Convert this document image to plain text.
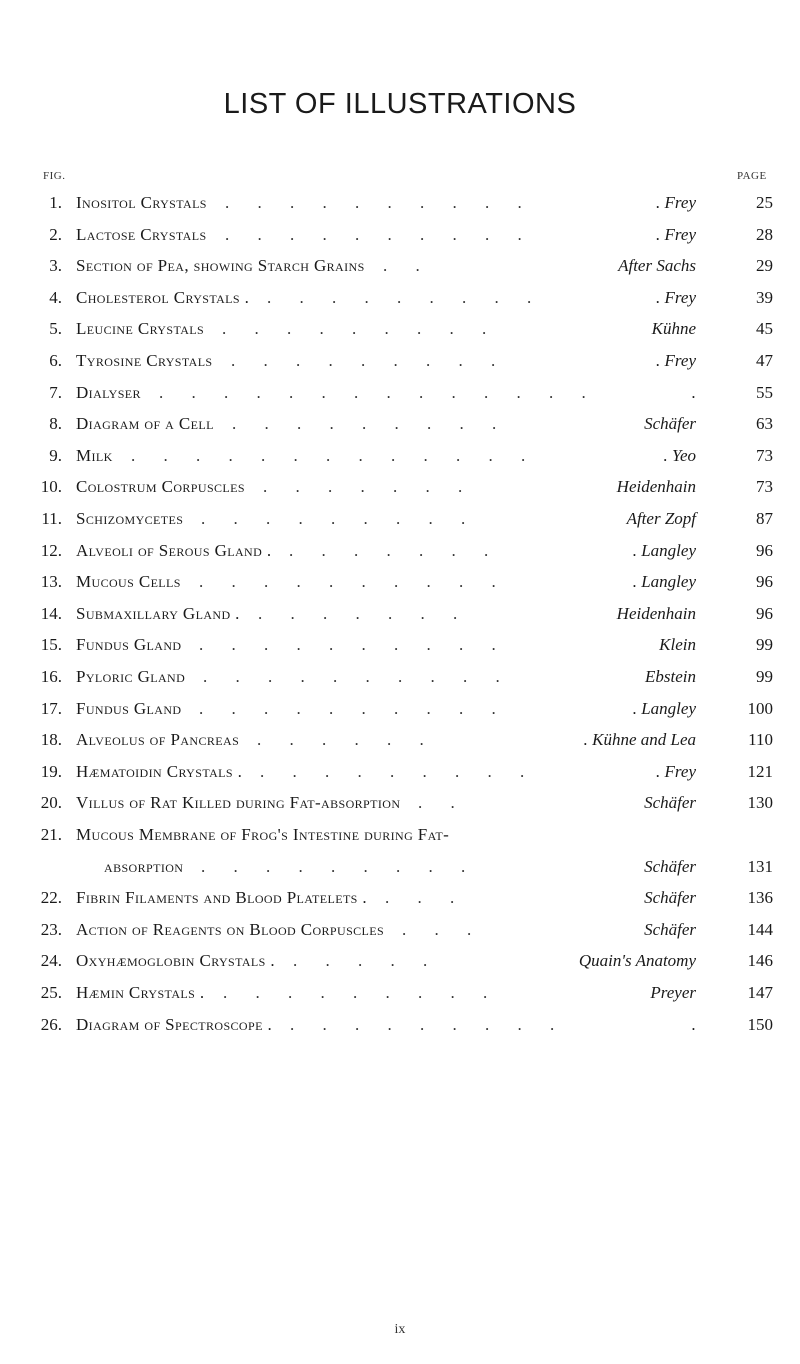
LIST OF ILLUSTRATIONS
FIG.	PAGE
1. Inositol Crystals	. Frey	25
. . . . . . . . . .
2. Lactose Crystals	. Frey	28
. . . . . . . . . .
3. Section of Pea, showing Starch Grains	After Sachs	29
. .
4. Cholesterol Crystals .	. Frey	39
. . . . . . . . .
5. Leucine Crystals	Kühne	45
. . . . . . . . .
6. Tyrosine Crystals	. Frey	47
. . . . . . . . .
7. Dialyser	.	55
. . . . . . . . . . . . . .
8. Diagram of a Cell	Schäfer	63
. . . . . . . . .
9. Milk	. Yeo	73
. . . . . . . . . . . . .
10. Colostrum Corpuscles	Heidenhain	73
. . . . . . .
11. Schizomycetes	After Zopf	87
. . . . . . . . .
12. Alveoli of Serous Gland .	. Langley	96
. . . . . . .
13. Mucous Cells	. Langley	96
. . . . . . . . . .
14. Submaxillary Gland .	Heidenhain	96
. . . . . . .
15. Fundus Gland	Klein	99
. . . . . . . . . .
16. Pyloric Gland	Ebstein	99
. . . . . . . . . .
17. Fundus Gland	. Langley	100
. . . . . . . . . .
18. Alveolus of Pancreas	. Kühne and Lea	110
. . . . . .
19. Hæmatoidin Crystals .	. Frey	121
. . . . . . . . .
20. Villus of Rat Killed during Fat-absorption	Schäfer	130
. .
21. Mucous Membrane of Frog's Intestine during Fat-
absorption	Schäfer	131
. . . . . . . . .
22. Fibrin Filaments and Blood Platelets .	Schäfer	136
. . .
23. Action of Reagents on Blood Corpuscles	Schäfer	144
. . .
24. Oxyhæmoglobin Crystals .	Quain's Anatomy	146
. . . . .
25. Hæmin Crystals .	Preyer	147
. . . . . . . . .
26. Diagram of Spectroscope .	.	150
. . . . . . . . .
ix
